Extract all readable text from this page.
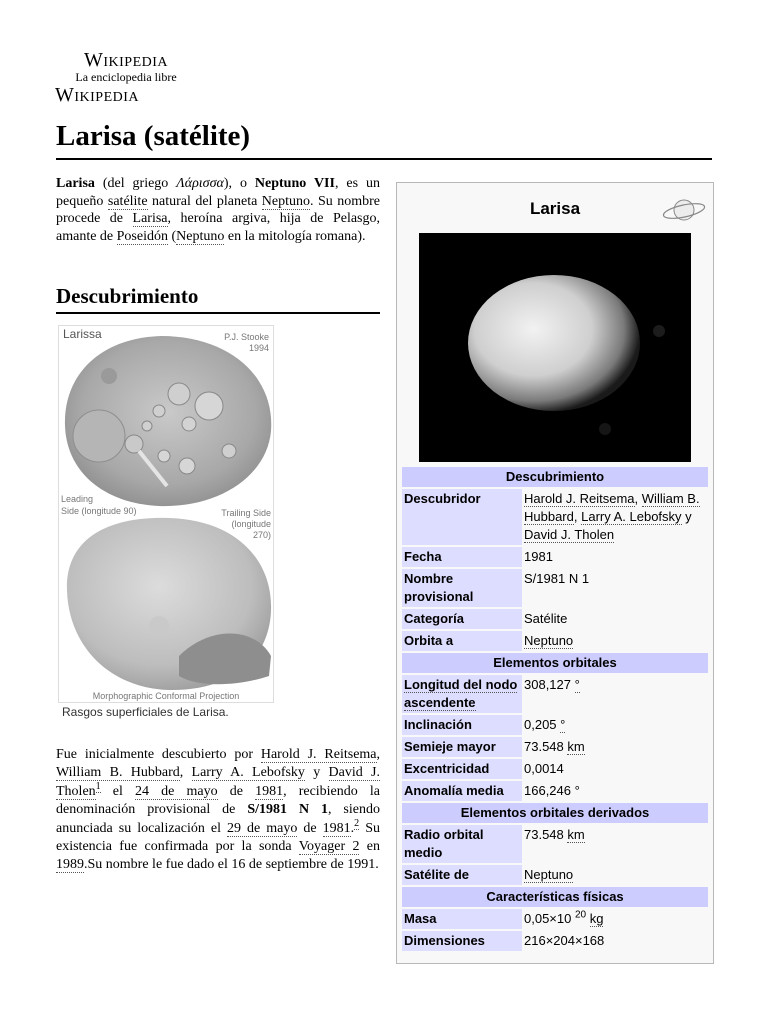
Wikipedia
La enciclopedia libre
Wikipedia
Larisa (satélite)
Larisa (del griego Λάρισσα), o Neptuno VII, es un pequeño satélite natural del planeta Neptuno. Su nombre procede de Larisa, heroína argiva, hija de Pelasgo, amante de Poseidón (Neptuno en la mitología romana).
Descubrimiento
Larissa	P.J. Stooke
1994
Leading
Side (longitude 90)	Trailing Side
(longitude
270)
Morphographic Conformal Projection
Rasgos superficiales de Larisa.
Fue inicialmente descubierto por Harold J. Reitsema, William B. Hubbard, Larry A. Lebofsky y David J. Tholen$^1$ el 24 de mayo de 1981, recibiendo la denominación provisional de S/1981 N 1, siendo anunciada su localización el 29 de mayo de 1981.$^2$ Su existencia fue confirmada por la sonda Voyager 2 en 1989.Su nombre le fue dado el 16 de septiembre de 1991.
Larisa
Descubrimiento	
Descubridor	Harold J. Reitsema, William B. Hubbard, Larry A. Lebofsky y David J. Tholen
Fecha	1981
Nombre provisional	S/1981 N 1
Categoría	Satélite
Orbita a	Neptuno
Elementos orbitales	
Longitud del nodo ascendente	308,127 °
Inclinación	0,205 °
Semieje mayor	73.548 km
Excentricidad	0,0014
Anomalía media	166,246 °
Elementos orbitales derivados	
Radio orbital medio	73.548 km
Satélite de	Neptuno
Características físicas	
Masa	0,05×10 $^{20}$ kg
Dimensiones	216×204×168
